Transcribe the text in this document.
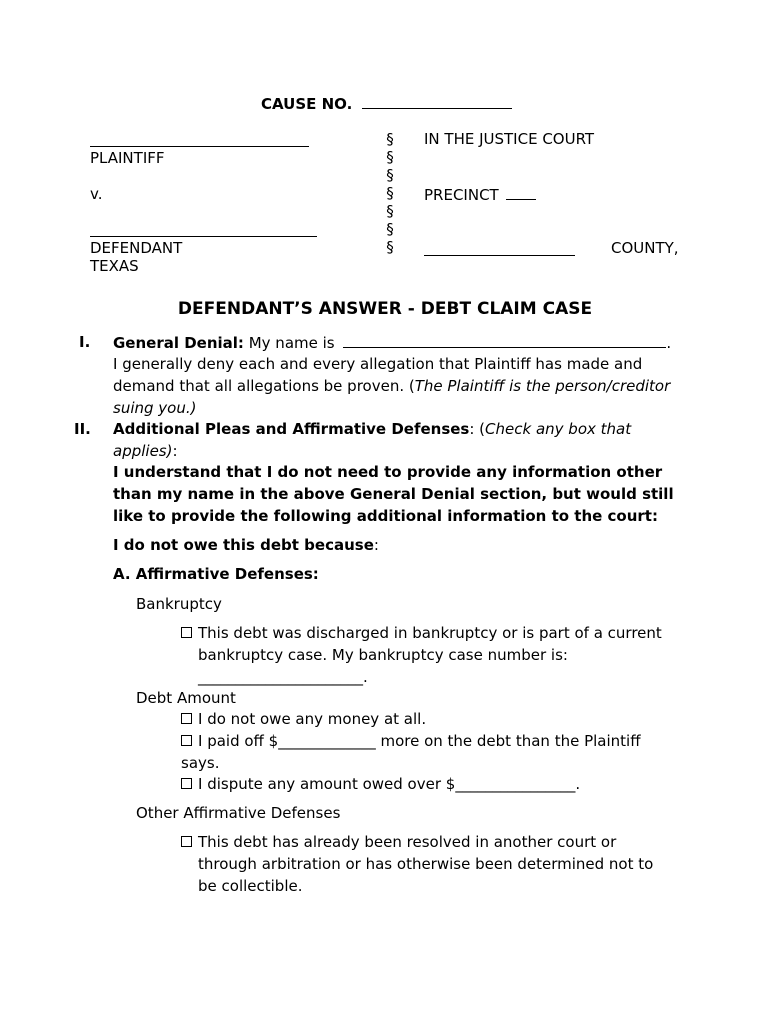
CAUSE NO.
PLAINTIFF
v.
DEFENDANT
TEXAS
§
§
§
§
§
§
§
IN THE JUSTICE COURT
PRECINCT
COUNTY,
DEFENDANT’S ANSWER - DEBT CLAIM CASE
I. General Denial: My name is	.
I generally deny each and every allegation that Plaintiff has made and demand that all allegations be proven. (The Plaintiff is the person/creditor suing you.)
II. Additional Pleas and Affirmative Defenses: (Check any box that applies):
I understand that I do not need to provide any information other than my name in the above General Denial section, but would still like to provide the following additional information to the court:
I do not owe this debt because:
A. Affirmative Defenses:
Bankruptcy
This debt was discharged in bankruptcy or is part of a current
bankruptcy case. My bankruptcy case number is:
______________________.
Debt Amount
I do not owe any money at all.
I paid off $_____________ more on the debt than the Plaintiff
says.
I dispute any amount owed over $________________.
Other Affirmative Defenses
This debt has already been resolved in another court or
through arbitration or has otherwise been determined not to
be collectible.
